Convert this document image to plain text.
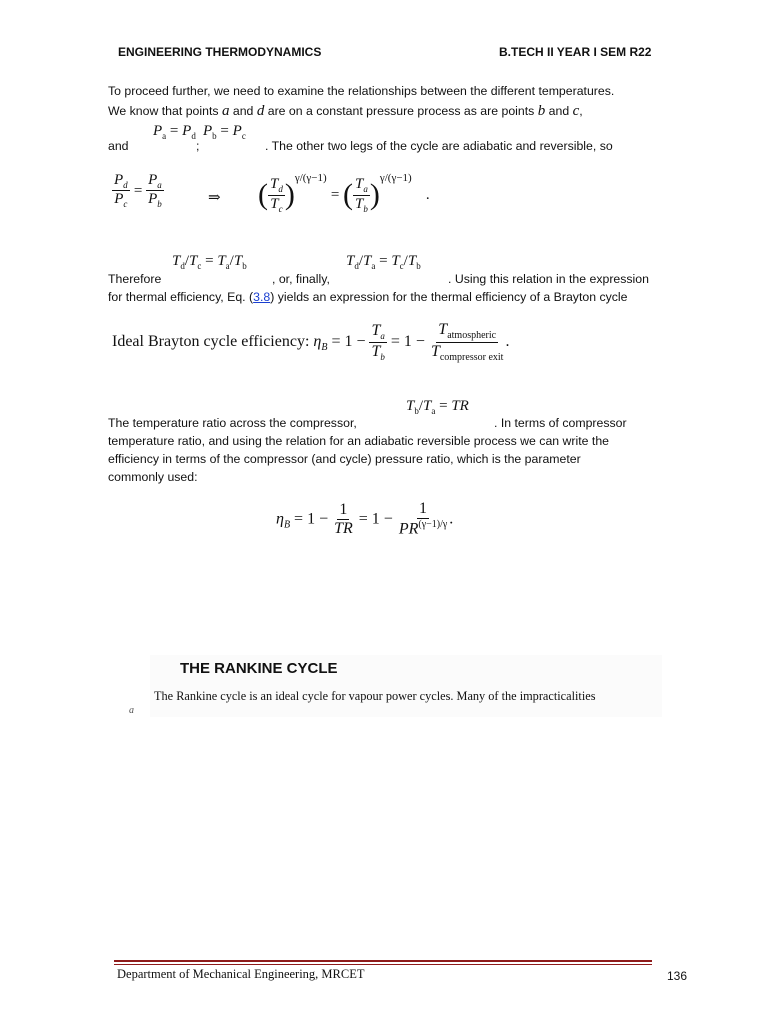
ENGINEERING THERMODYNAMICS	B.TECH II YEAR I SEM R22
To proceed further, we need to examine the relationships between the different temperatures.
We know that points a and d are on a constant pressure process as are points b and c,
$P_a = P_d$ $P_b = P_c$
and	;	. The other two legs of the cycle are adiabatic and reversible, so
$\frac{P_d}{P_c} = \frac{P_a}{P_b}$	⇒ ( $\frac{T_d}{T_c} )^{\gamma/(\gamma-1)}$ = ( $\frac{T_a}{T_b} )^{\gamma/(\gamma-1)}$ .
$T_d/T_c = T_a/T_b$	$T_d/T_a = T_c/T_b$
Therefore	, or, finally,	. Using this relation in the expression
for thermal efficiency, Eq. (3.8) yields an expression for the thermal efficiency of a Brayton cycle
Ideal Brayton cycle efficiency: $\eta_B = 1 - \frac{T_a}{T_b} = 1 - \frac{T_{atmospheric}}{T_{compressor exit}}$ .
$T_b/T_a$ = TR
The temperature ratio across the compressor,	. In terms of compressor
temperature ratio, and using the relation for an adiabatic reversible process we can write the
efficiency in terms of the compressor (and cycle) pressure ratio, which is the parameter
commonly used:
$\eta_B = 1 - \frac{1}{TR} = 1 - \frac{1}{PR^{(\gamma-1)/\gamma}}$ .
THE RANKINE CYCLE
The Rankine cycle is an ideal cycle for vapour power cycles. Many of the impracticalities
a
Department of Mechanical Engineering, MRCET	136
